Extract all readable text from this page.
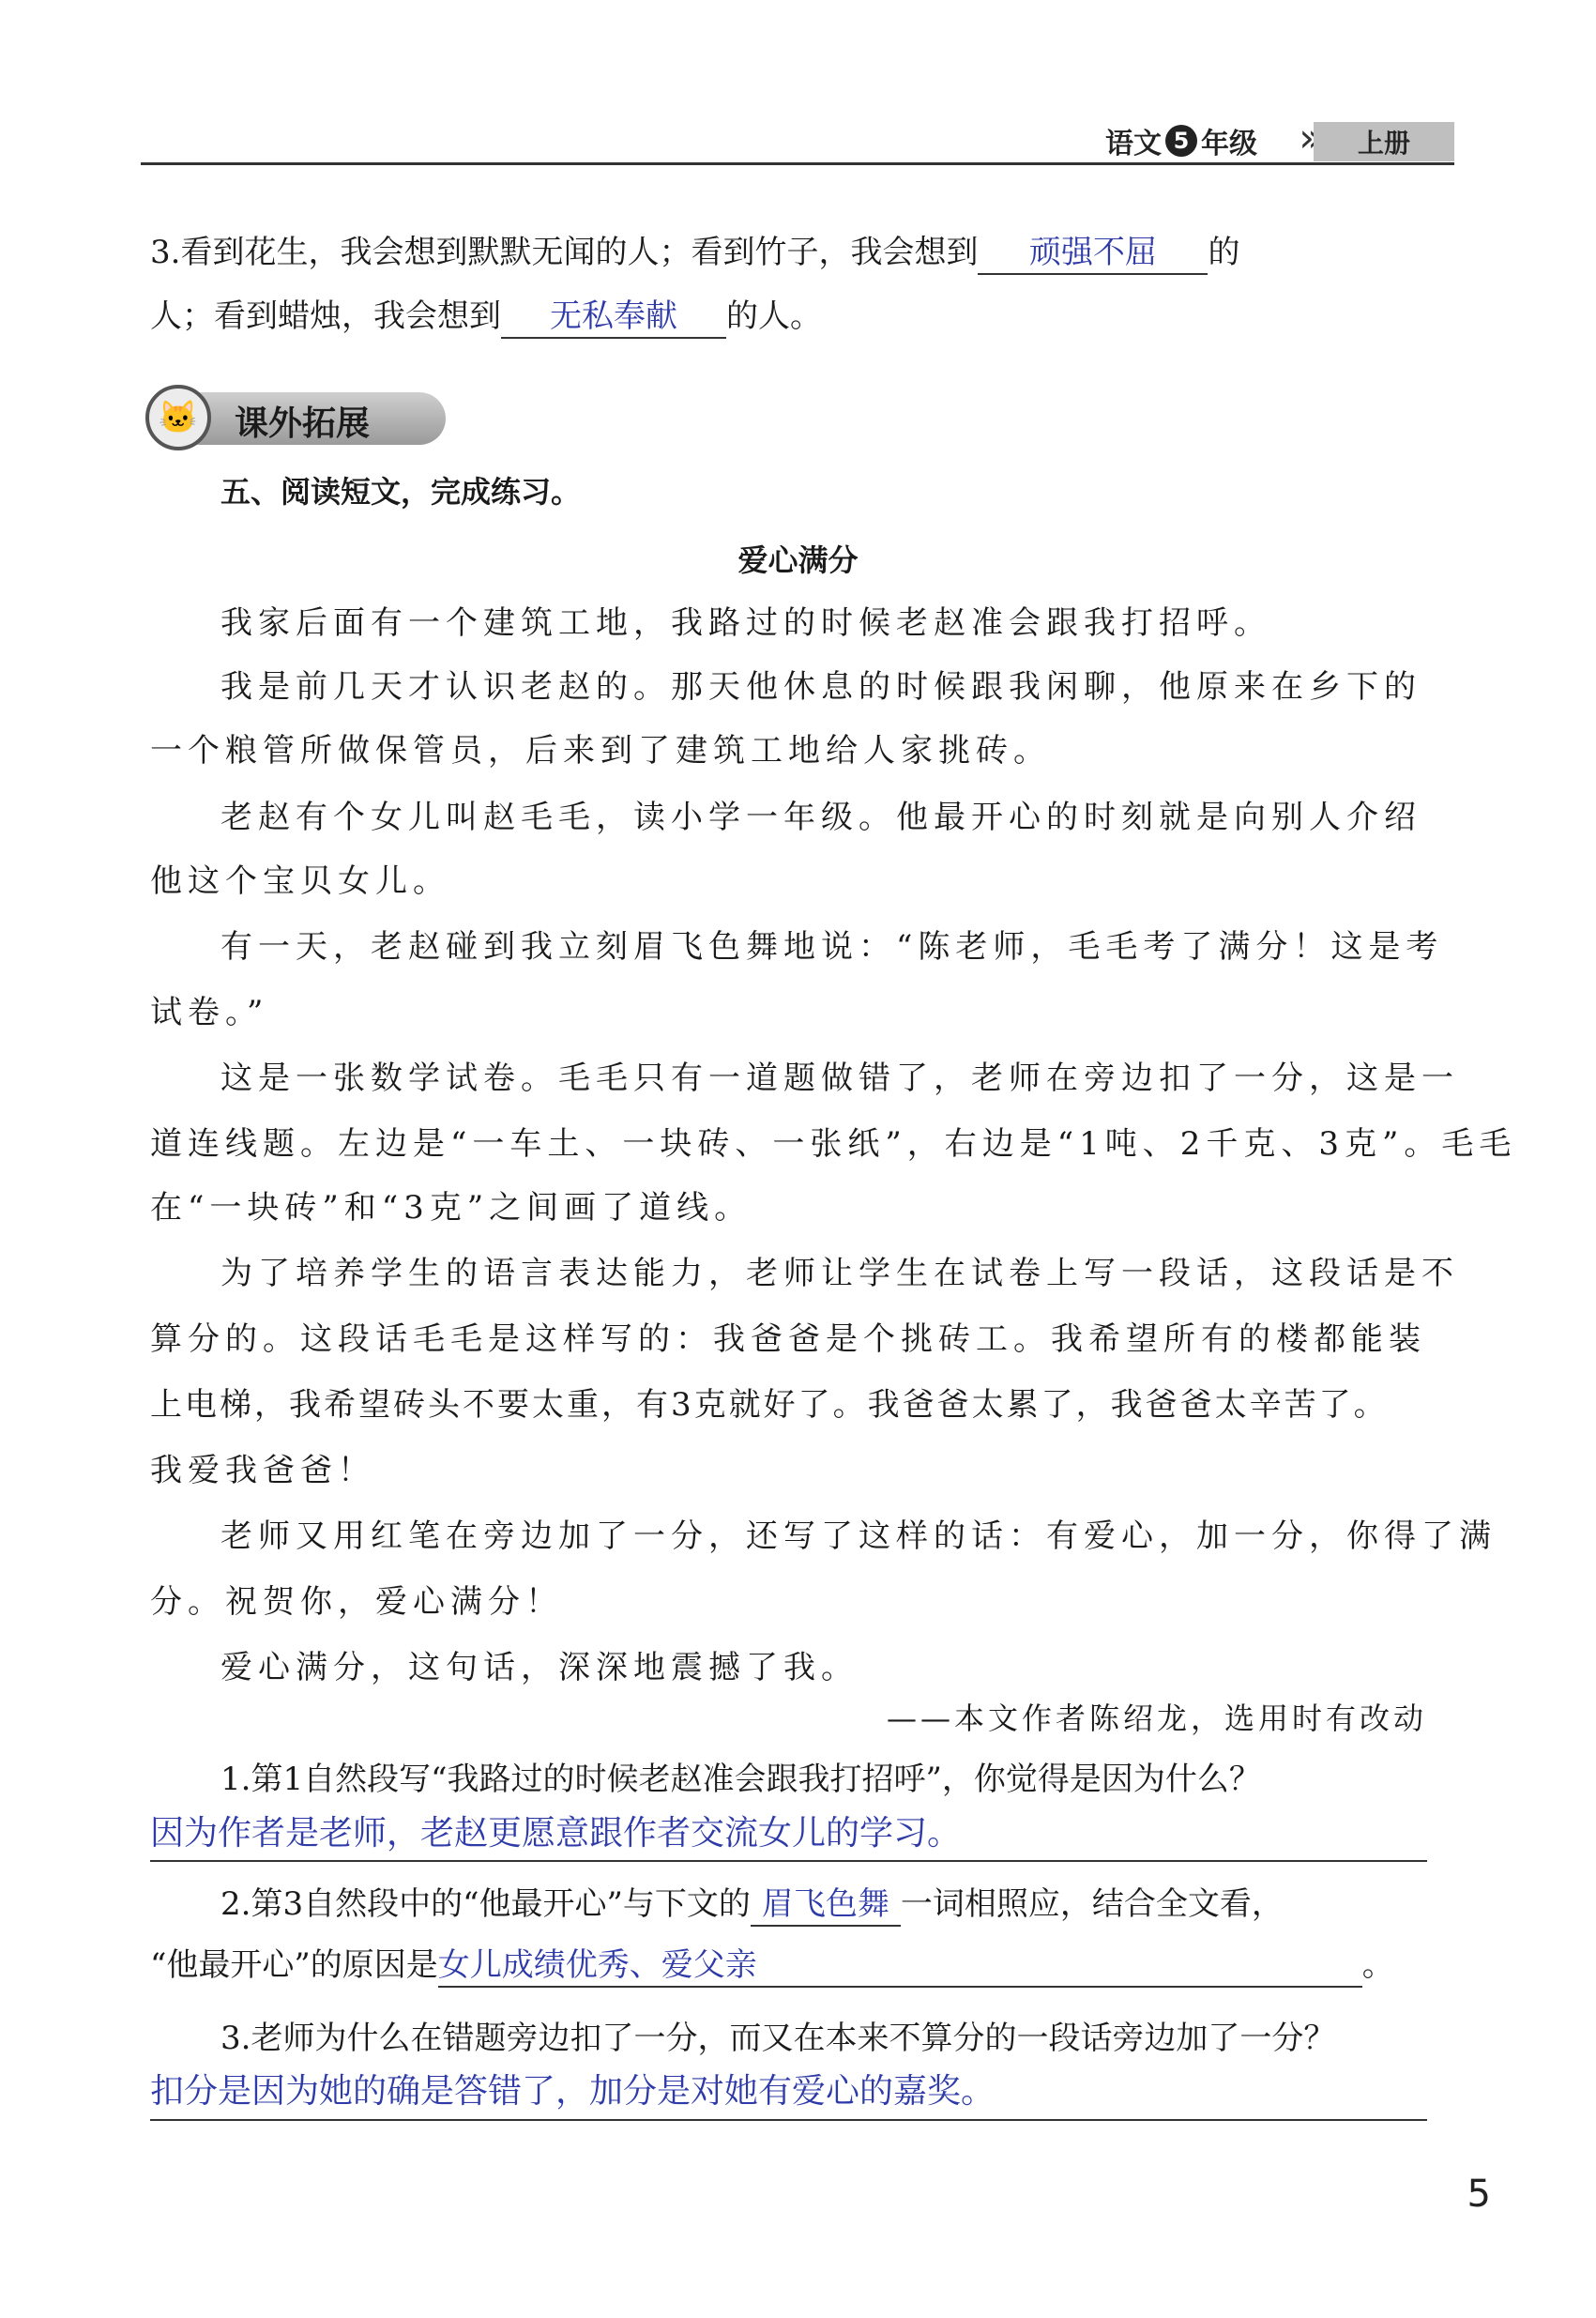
语文 5 年级 »	上册
3.看到花生，我会想到默默无闻的人；看到竹子，我会想到 顽强不屈 的
人；看到蜡烛，我会想到 无私奉献 的人。
🐱	课外拓展
五、阅读短文，完成练习。
爱心满分
我家后面有一个建筑工地，我路过的时候老赵准会跟我打招呼。
我是前几天才认识老赵的。那天他休息的时候跟我闲聊，他原来在乡下的
一个粮管所做保管员，后来到了建筑工地给人家挑砖。
老赵有个女儿叫赵毛毛，读小学一年级。他最开心的时刻就是向别人介绍
他这个宝贝女儿。
有一天，老赵碰到我立刻眉飞色舞地说：“陈老师，毛毛考了满分！这是考
试卷。”
这是一张数学试卷。毛毛只有一道题做错了，老师在旁边扣了一分，这是一
道连线题。左边是“一车土、一块砖、一张纸”，右边是“1吨、2千克、3克”。毛毛
在“一块砖”和“3克”之间画了道线。
为了培养学生的语言表达能力，老师让学生在试卷上写一段话，这段话是不
算分的。这段话毛毛是这样写的：我爸爸是个挑砖工。我希望所有的楼都能装
上电梯，我希望砖头不要太重，有3克就好了。我爸爸太累了，我爸爸太辛苦了。
我爱我爸爸！
老师又用红笔在旁边加了一分，还写了这样的话：有爱心，加一分，你得了满
分。祝贺你，爱心满分！
爱心满分，这句话，深深地震撼了我。
——本文作者陈绍龙，选用时有改动
1.第1自然段写“我路过的时候老赵准会跟我打招呼”，你觉得是因为什么？
因为作者是老师，老赵更愿意跟作者交流女儿的学习。
2.第3自然段中的“他最开心”与下文的 眉飞色舞 一词相照应，结合全文看，
“他最开心”的原因是女儿成绩优秀、爱父亲	。
3.老师为什么在错题旁边扣了一分，而又在本来不算分的一段话旁边加了一分？
扣分是因为她的确是答错了，加分是对她有爱心的嘉奖。
5
